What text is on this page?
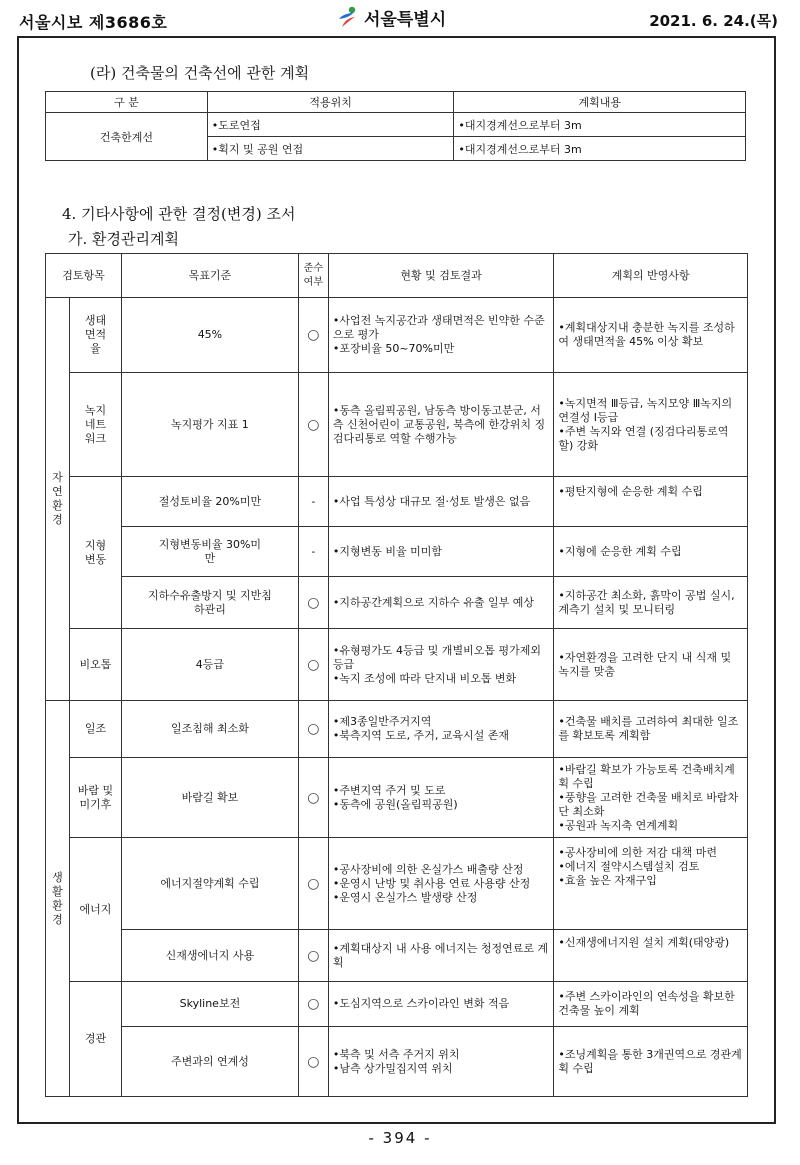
서울시보 제3686호	서울특별시	2021. 6. 24.(목)
(라) 건축물의 건축선에 관한 계획
구 분	적용위치	계획내용
건축한계선	•도로연접	•대지경계선으로부터 3m
	•획지 및 공원 연접	•대지경계선으로부터 3m
4. 기타사항에 관한 결정(변경) 조서
가. 환경관리계획
검토항목		목표기준	준수여부	현황 및 검토결과	계획의 반영사항

자연환경	생태면적율	45%	○	•사업전 녹지공간과 생태면적은 빈약한 수준으로 평가
•포장비율 50~70%미만	•계획대상지내 충분한 녹지를 조성하여 생태면적율 45% 이상 확보

	녹지네트워크	녹지평가 지표 1	○	•동측 올림픽공원, 남동측 방이동고분군, 서측 신천어린이 교통공원, 북측에 한강위치 징검다리통로 역할 수행가능	•녹지면적 Ⅲ등급, 녹지모양 Ⅲ녹지의 연결성 Ⅰ등급
•주변 녹지와 연결 (징검다리통로역할) 강화

	지형변동	절성토비율 20%미만	-	•사업 특성상 대규모 절·성토 발생은 없음	•평탄지형에 순응한 계획 수립

		지형변동비율 30%미만	-	•지형변동 비율 미미함	•지형에 순응한 계획 수립

		지하수유출방지 및 지반침하관리	○	•지하공간계획으로 지하수 유출 일부 예상	•지하공간 최소화, 흙막이 공법 실시, 계측기 설치 및 모니터링
	비오톱	4등급	○	•유형평가도 4등급 및 개별비오톱 평가제외등급
•녹지 조성에 따라 단지내 비오톱 변화	•자연환경을 고려한 단지 내 식재 및 녹지를 맞춤

생활환경	일조	일조침해 최소화	○	•제3종일반주거지역
•북측지역 도로, 주거, 교육시설 존재	•건축물 배치를 고려하여 최대한 일조를 확보토록 계획함

	바람 및 미기후	바람길 확보	○	•주변지역 주거 및 도로
•동측에 공원(올림픽공원)	•바람길 확보가 가능토록 건축배치계획 수립
•풍향을 고려한 건축물 배치로 바람차단 최소화
•공원과 녹지축 연계계획
	에너지	에너지절약계획 수립	○	•공사장비에 의한 온실가스 배출량 산정
•운영시 난방 및 취사용 연료 사용량 산정
•운영시 온실가스 발생량 산정	•공사장비에 의한 저감 대책 마련
•에너지 절약시스템설치 검토
•효율 높은 자재구입
		신재생에너지 사용	○	•계획대상지 내 사용 에너지는 청정연료로 계획	•신재생에너지원 설치 계획(태양광)
	경관	Skyline보전	○	•도심지역으로 스카이라인 변화 적음	•주변 스카이라인의 연속성을 확보한 건축물 높이 계획
		주변과의 연계성	○	•북측 및 서측 주거지 위치
•남측 상가밀집지역 위치	•조닝계획을 통한 3개권역으로 경관계획 수립
- 394 -
